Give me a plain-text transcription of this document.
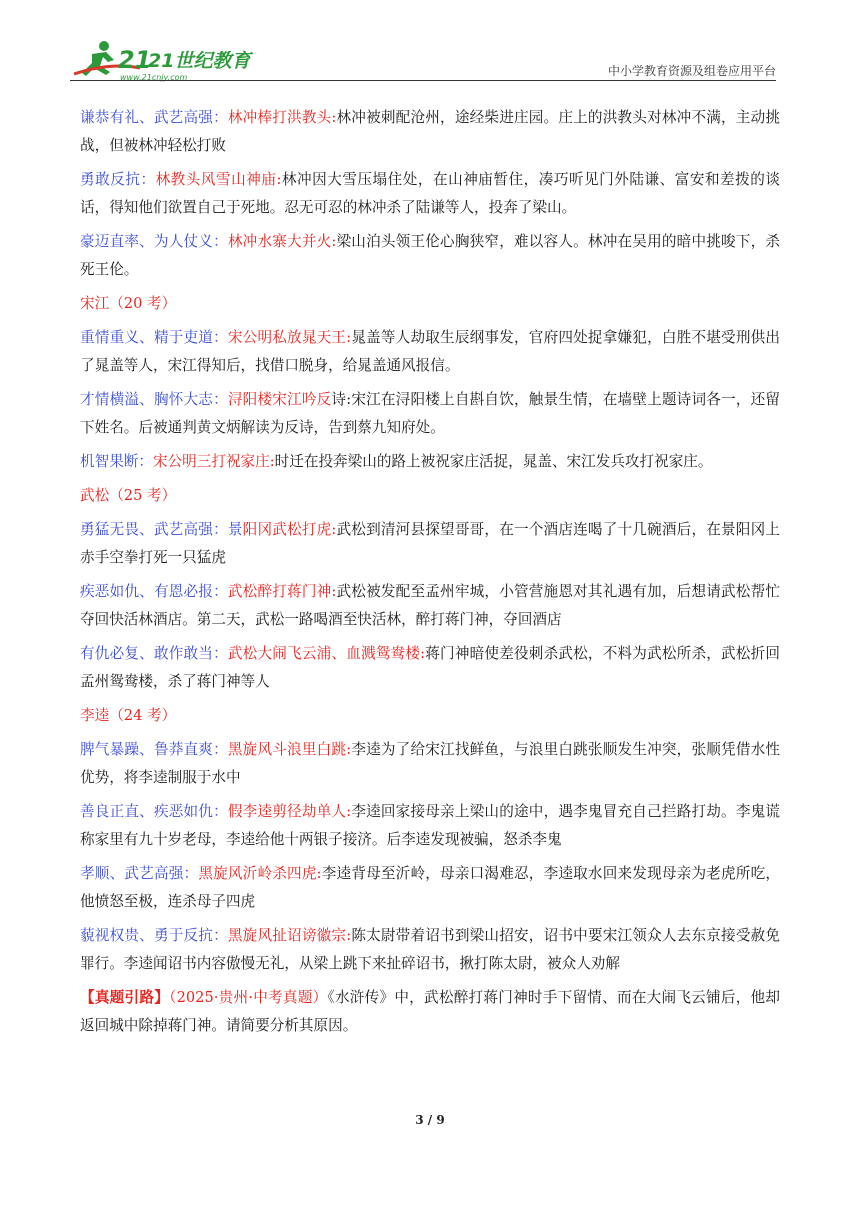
21
21世纪教育
www.21cnjy.com	中小学教育资源及组卷应用平台

谦恭有礼、武艺高强：林冲棒打洪教头:林冲被刺配沧州，途经柴进庄园。庄上的洪教头对林冲不满，主动挑战，但被林冲轻松打败

勇敢反抗：林教头风雪山神庙:林冲因大雪压塌住处，在山神庙暂住，凑巧听见门外陆谦、富安和差拨的谈话，得知他们欲置自己于死地。忍无可忍的林冲杀了陆谦等人，投奔了梁山。

豪迈直率、为人仗义：林冲水寨大并火:梁山泊头领王伦心胸狭窄，难以容人。林冲在吴用的暗中挑唆下，杀死王伦。

宋江（20 考）

重情重义、精于吏道：宋公明私放晁天王:晁盖等人劫取生辰纲事发，官府四处捉拿嫌犯，白胜不堪受刑供出了晁盖等人，宋江得知后，找借口脱身，给晁盖通风报信。

才情横溢、胸怀大志：浔阳楼宋江吟反诗:宋江在浔阳楼上自斟自饮，触景生情，在墙壁上题诗词各一，还留下姓名。后被通判黄文炳解读为反诗，告到蔡九知府处。

机智果断：宋公明三打祝家庄:时迁在投奔梁山的路上被祝家庄活捉，晁盖、宋江发兵攻打祝家庄。

武松（25 考）

勇猛无畏、武艺高强：景阳冈武松打虎:武松到清河县探望哥哥，在一个酒店连喝了十几碗酒后，在景阳冈上赤手空拳打死一只猛虎

疾恶如仇、有恩必报：武松醉打蒋门神:武松被发配至孟州牢城，小管营施恩对其礼遇有加，后想请武松帮忙夺回快活林酒店。第二天，武松一路喝酒至快活林，醉打蒋门神，夺回酒店

有仇必复、敢作敢当：武松大闹飞云浦、血溅鸳鸯楼:蒋门神暗使差役刺杀武松，不料为武松所杀，武松折回孟州鸳鸯楼，杀了蒋门神等人

李逵（24 考）

脾气暴躁、鲁莽直爽：黑旋风斗浪里白跳:李逵为了给宋江找鲜鱼，与浪里白跳张顺发生冲突，张顺凭借水性优势，将李逵制服于水中

善良正直、疾恶如仇：假李逵剪径劫单人:李逵回家接母亲上梁山的途中，遇李鬼冒充自己拦路打劫。李鬼谎称家里有九十岁老母，李逵给他十两银子接济。后李逵发现被骗，怒杀李鬼

孝顺、武艺高强：黑旋风沂岭杀四虎:李逵背母至沂岭，母亲口渴难忍，李逵取水回来发现母亲为老虎所吃，他愤怒至极，连杀母子四虎

藐视权贵、勇于反抗：黑旋风扯诏谤徽宗:陈太尉带着诏书到梁山招安，诏书中要宋江领众人去东京接受赦免罪行。李逵闻诏书内容傲慢无礼，从梁上跳下来扯碎诏书，揪打陈太尉，被众人劝解

【真题引路】（2025·贵州·中考真题）《水浒传》中，武松醉打蒋门神时手下留情、而在大闹飞云铺后，他却返回城中除掉蒋门神。请简要分析其原因。

3 / 9
